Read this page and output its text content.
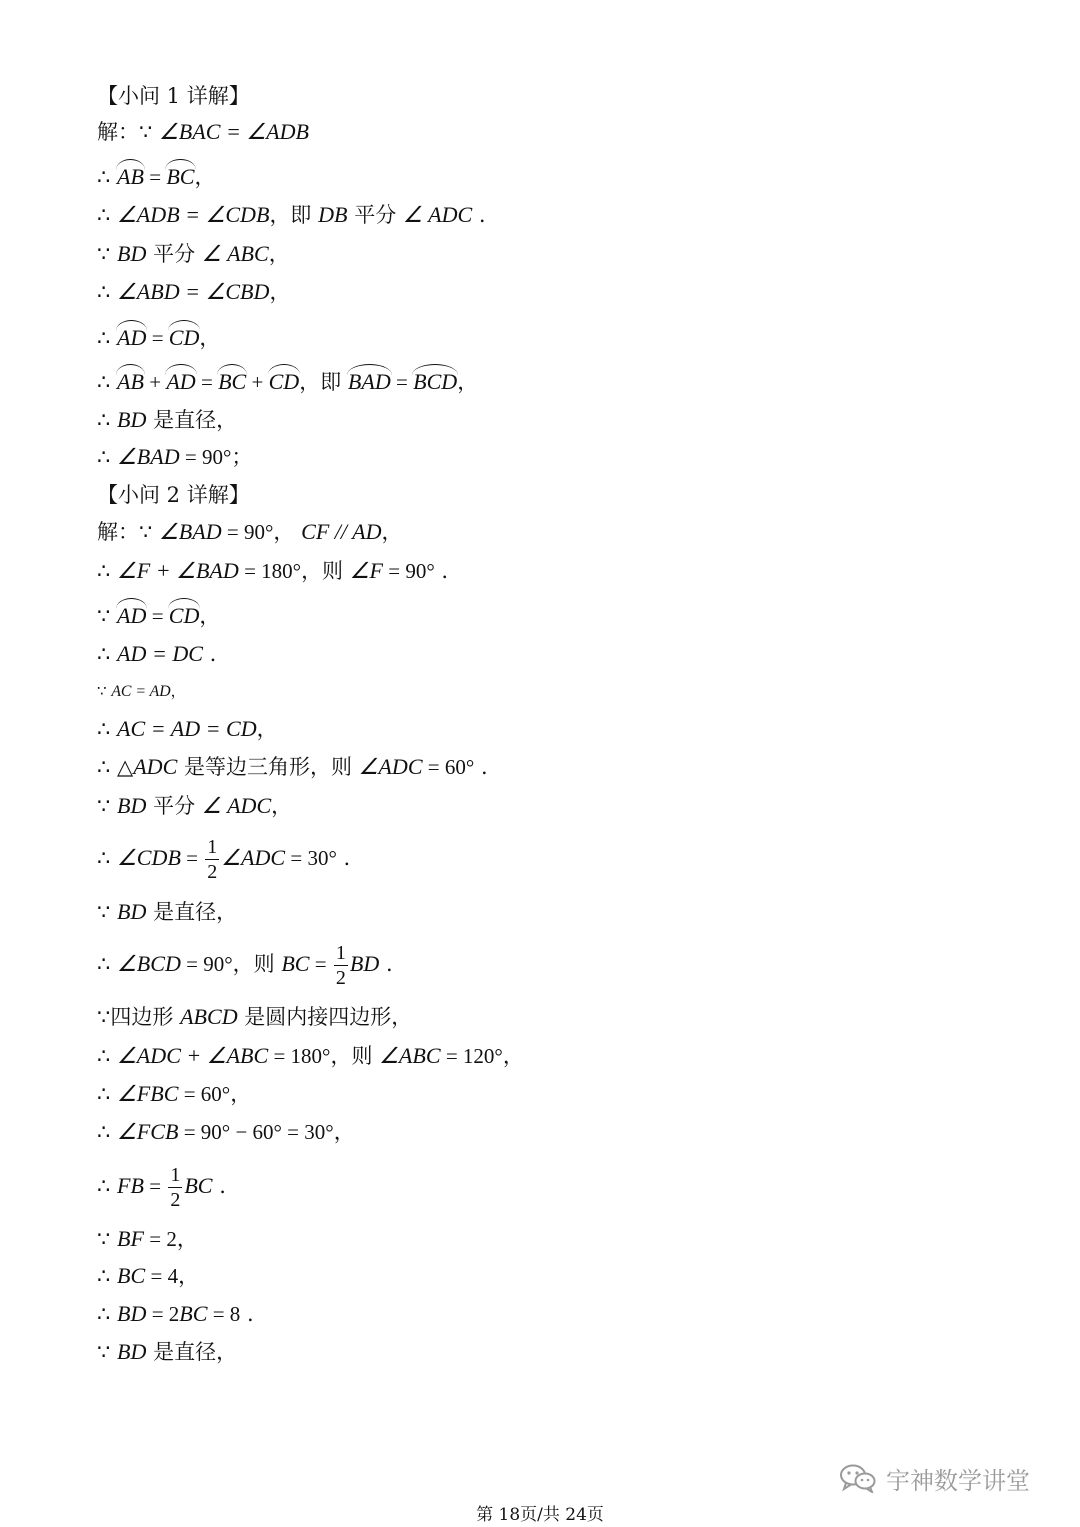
【小问 1 详解】
解：∵ ∠BAC = ∠ADB
∴ AB = BC，
∴ ∠ADB = ∠CDB，即 DB 平分 ∠ ADC .
∵ BD 平分 ∠ ABC，
∴ ∠ABD = ∠CBD，
∴ AD = CD，
∴ AB + AD = BC + CD，即 BAD = BCD，
∴ BD 是直径，
∴ ∠BAD = 90°；
【小问 2 详解】
解：∵ ∠BAD = 90°， CF // AD，
∴ ∠F + ∠BAD = 180°，则 ∠F = 90° .
∵ AD = CD，
∴ AD = DC .
∵ AC = AD，
∴ AC = AD = CD，
∴ △ADC 是等边三角形，则 ∠ADC = 60° .
∵ BD 平分 ∠ ADC，
∴ ∠CDB = $\frac{1}{2}$ ∠ADC = 30° .
∵ BD 是直径，
∴ ∠BCD = 90°，则 BC = $\frac{1}{2}$ BD .
∵四边形 ABCD 是圆内接四边形，
∴ ∠ADC + ∠ABC = 180°，则 ∠ABC = 120°，
∴ ∠FBC = 60°，
∴ ∠FCB = 90° − 60° = 30°，
∴ FB = $\frac{1}{2}$ BC .
∵ BF = 2，
∴ BC = 4，
∴ BD = 2BC = 8 .
∵ BD 是直径，
宇神数学讲堂
第 18页/共 24页
